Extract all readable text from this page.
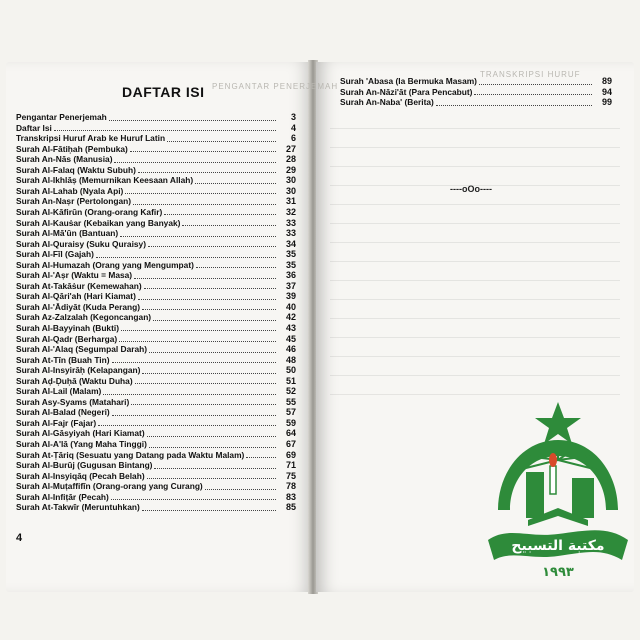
PENGANTAR PENERJEMAH
TRANSKRIPSI HURUF
DAFTAR ISI
Pengantar Penerjemah	3
Daftar Isi	4
Transkripsi Huruf Arab ke Huruf Latin	6
Surah Al-Fātiḥah (Pembuka)	27
Surah An-Nās (Manusia)	28
Surah Al-Falaq (Waktu Subuh)	29
Surah Al-Ikhlāṣ (Memurnikan Keesaan Allah)	30
Surah Al-Lahab (Nyala Api)	30
Surah An-Naṣr (Pertolongan)	31
Surah Al-Kāfirūn (Orang-orang Kafir)	32
Surah Al-Kauṡar (Kebaikan yang Banyak)	33
Surah Al-Mā'ūn (Bantuan)	33
Surah Al-Quraisy (Suku Quraisy)	34
Surah Al-Fīl (Gajah)	35
Surah Al-Humazah (Orang yang Mengumpat)	35
Surah Al-'Aṣr (Waktu = Masa)	36
Surah At-Takāṡur (Kemewahan)	37
Surah Al-Qāri'ah (Hari Kiamat)	39
Surah Al-'Ādiyāt (Kuda Perang)	40
Surah Az-Zalzalah (Kegoncangan)	42
Surah Al-Bayyinah (Bukti)	43
Surah Al-Qadr (Berharga)	45
Surah Al-'Alaq (Segumpal Darah)	46
Surah At-Tīn (Buah Tin)	48
Surah Al-Insyirāḥ (Kelapangan)	50
Surah Aḍ-Ḍuḥā (Waktu Duha)	51
Surah Al-Lail (Malam)	52
Surah Asy-Syams (Matahari)	55
Surah Al-Balad (Negeri)	57
Surah Al-Fajr (Fajar)	59
Surah Al-Gāsyiyah (Hari Kiamat)	64
Surah Al-A'lā (Yang Maha Tinggi)	67
Surah At-Ṭāriq (Sesuatu yang Datang pada Waktu Malam)	69
Surah Al-Burūj (Gugusan Bintang)	71
Surah Al-Insyiqāq (Pecah Belah)	75
Surah Al-Muṭaffifīn (Orang-orang yang Curang)	78
Surah Al-Infiṭār (Pecah)	83
Surah At-Takwīr (Meruntuhkan)	85
Surah 'Abasa (Ia Bermuka Masam)	89
Surah An-Nāzi'āt (Para Pencabut)	94
Surah An-Naba' (Berita)	99
----oOo----
4	مكتبة التسبيح
١٩٩٣
